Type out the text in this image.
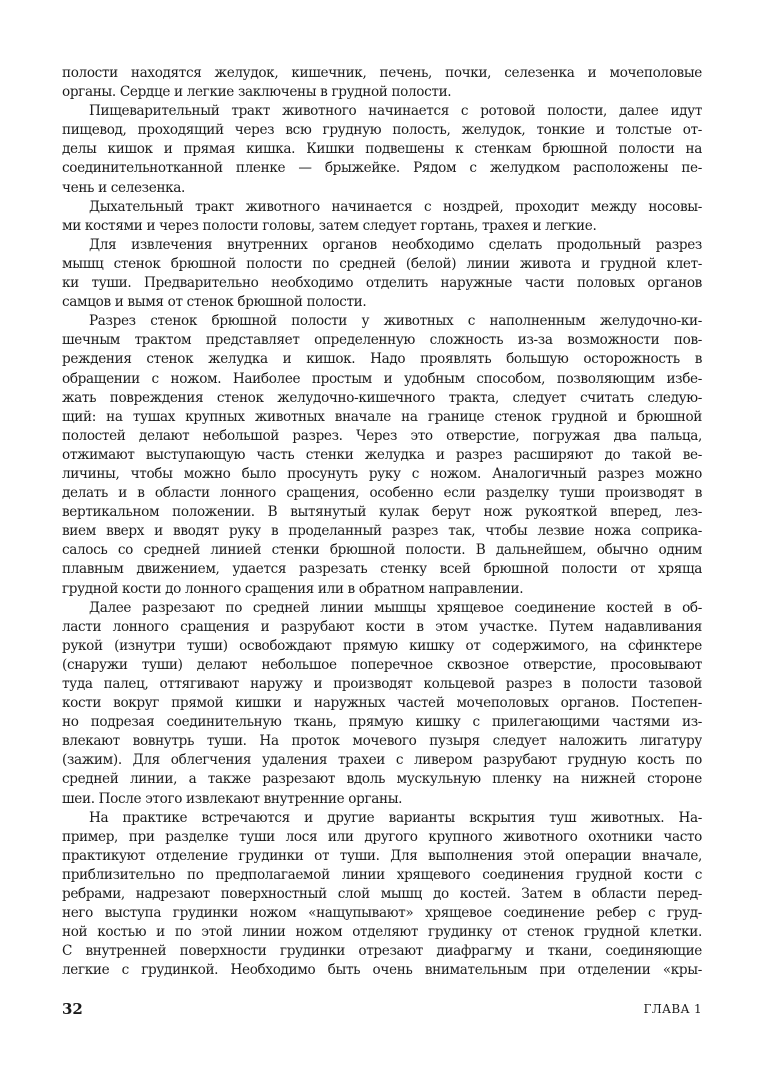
полости находятся желудок, кишечник, печень, почки, селезенка и мочеполовые
органы. Сердце и легкие заключены в грудной полости.
Пищеварительный тракт животного начинается с ротовой полости, далее идут
пищевод, проходящий через всю грудную полость, желудок, тонкие и толстые от-
делы кишок и прямая кишка. Кишки подвешены к стенкам брюшной полости на
соединительнотканной пленке — брыжейке. Рядом с желудком расположены пе-
чень и селезенка.
Дыхательный тракт животного начинается с ноздрей, проходит между носовы-
ми костями и через полости головы, затем следует гортань, трахея и легкие.
Для извлечения внутренних органов необходимо сделать продольный разрез
мышц стенок брюшной полости по средней (белой) линии живота и грудной клет-
ки туши. Предварительно необходимо отделить наружные части половых органов
самцов и вымя от стенок брюшной полости.
Разрез стенок брюшной полости у животных с наполненным желудочно-ки-
шечным трактом представляет определенную сложность из-за возможности пов-
реждения стенок желудка и кишок. Надо проявлять большую осторожность в
обращении с ножом. Наиболее простым и удобным способом, позволяющим избе-
жать повреждения стенок желудочно-кишечного тракта, следует считать следую-
щий: на тушах крупных животных вначале на границе стенок грудной и брюшной
полостей делают небольшой разрез. Через это отверстие, погружая два пальца,
отжимают выступающую часть стенки желудка и разрез расширяют до такой ве-
личины, чтобы можно было просунуть руку с ножом. Аналогичный разрез можно
делать и в области лонного сращения, особенно если разделку туши производят в
вертикальном положении. В вытянутый кулак берут нож рукояткой вперед, лез-
вием вверх и вводят руку в проделанный разрез так, чтобы лезвие ножа соприка-
салось со средней линией стенки брюшной полости. В дальнейшем, обычно одним
плавным движением, удается разрезать стенку всей брюшной полости от хряща
грудной кости до лонного сращения или в обратном направлении.
Далее разрезают по средней линии мышцы хрящевое соединение костей в об-
ласти лонного сращения и разрубают кости в этом участке. Путем надавливания
рукой (изнутри туши) освобождают прямую кишку от содержимого, на сфинктере
(снаружи туши) делают небольшое поперечное сквозное отверстие, просовывают
туда палец, оттягивают наружу и производят кольцевой разрез в полости тазовой
кости вокруг прямой кишки и наружных частей мочеполовых органов. Постепен-
но подрезая соединительную ткань, прямую кишку с прилегающими частями из-
влекают вовнутрь туши. На проток мочевого пузыря следует наложить лигатуру
(зажим). Для облегчения удаления трахеи с ливером разрубают грудную кость по
средней линии, а также разрезают вдоль мускульную пленку на нижней стороне
шеи. После этого извлекают внутренние органы.
На практике встречаются и другие варианты вскрытия туш животных. На-
пример, при разделке туши лося или другого крупного животного охотники часто
практикуют отделение грудинки от туши. Для выполнения этой операции вначале,
приблизительно по предполагаемой линии хрящевого соединения грудной кости с
ребрами, надрезают поверхностный слой мышц до костей. Затем в области перед-
него выступа грудинки ножом «нащупывают» хрящевое соединение ребер с груд-
ной костью и по этой линии ножом отделяют грудинку от стенок грудной клетки.
С внутренней поверхности грудинки отрезают диафрагму и ткани, соединяющие
легкие с грудинкой. Необходимо быть очень внимательным при отделении «кры-
32	ГЛАВА 1
